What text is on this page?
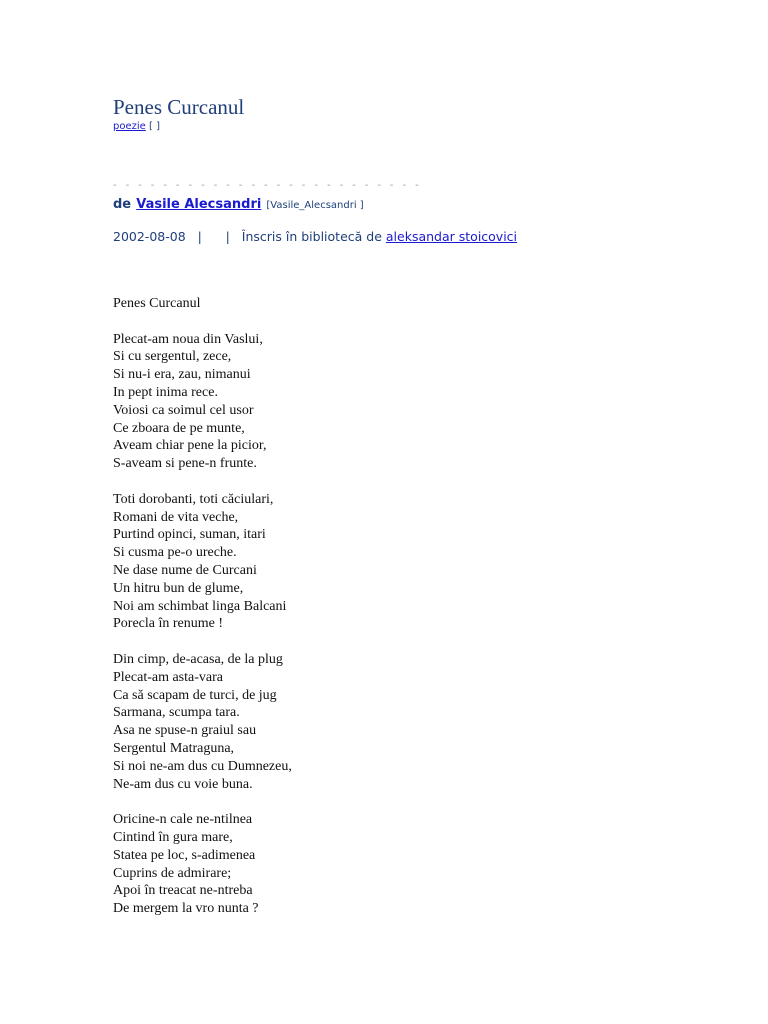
Penes Curcanul
poezie [ ]
- - - - - - - - - - - - - - - - - - - - - - - - -
de Vasile Alecsandri [Vasile_Alecsandri ]
2002-08-08 | | Înscris în bibliotecă de aleksandar stoicovici
Penes Curcanul
Plecat-am noua din Vaslui,
Si cu sergentul, zece,
Si nu-i era, zau, nimanui
In pept inima rece.
Voiosi ca soimul cel usor
Ce zboara de pe munte,
Aveam chiar pene la picior,
S-aveam si pene-n frunte.
Toti dorobanti, toti căciulari,
Romani de vita veche,
Purtind opinci, suman, itari
Si cusma pe-o ureche.
Ne dase nume de Curcani
Un hitru bun de glume,
Noi am schimbat linga Balcani
Porecla în renume !
Din cimp, de-acasa, de la plug
Plecat-am asta-vara
Ca să scapam de turci, de jug
Sarmana, scumpa tara.
Asa ne spuse-n graiul sau
Sergentul Matraguna,
Si noi ne-am dus cu Dumnezeu,
Ne-am dus cu voie buna.
Oricine-n cale ne-ntilnea
Cintind în gura mare,
Statea pe loc, s-adimenea
Cuprins de admirare;
Apoi în treacat ne-ntreba
De mergem la vro nunta ?
